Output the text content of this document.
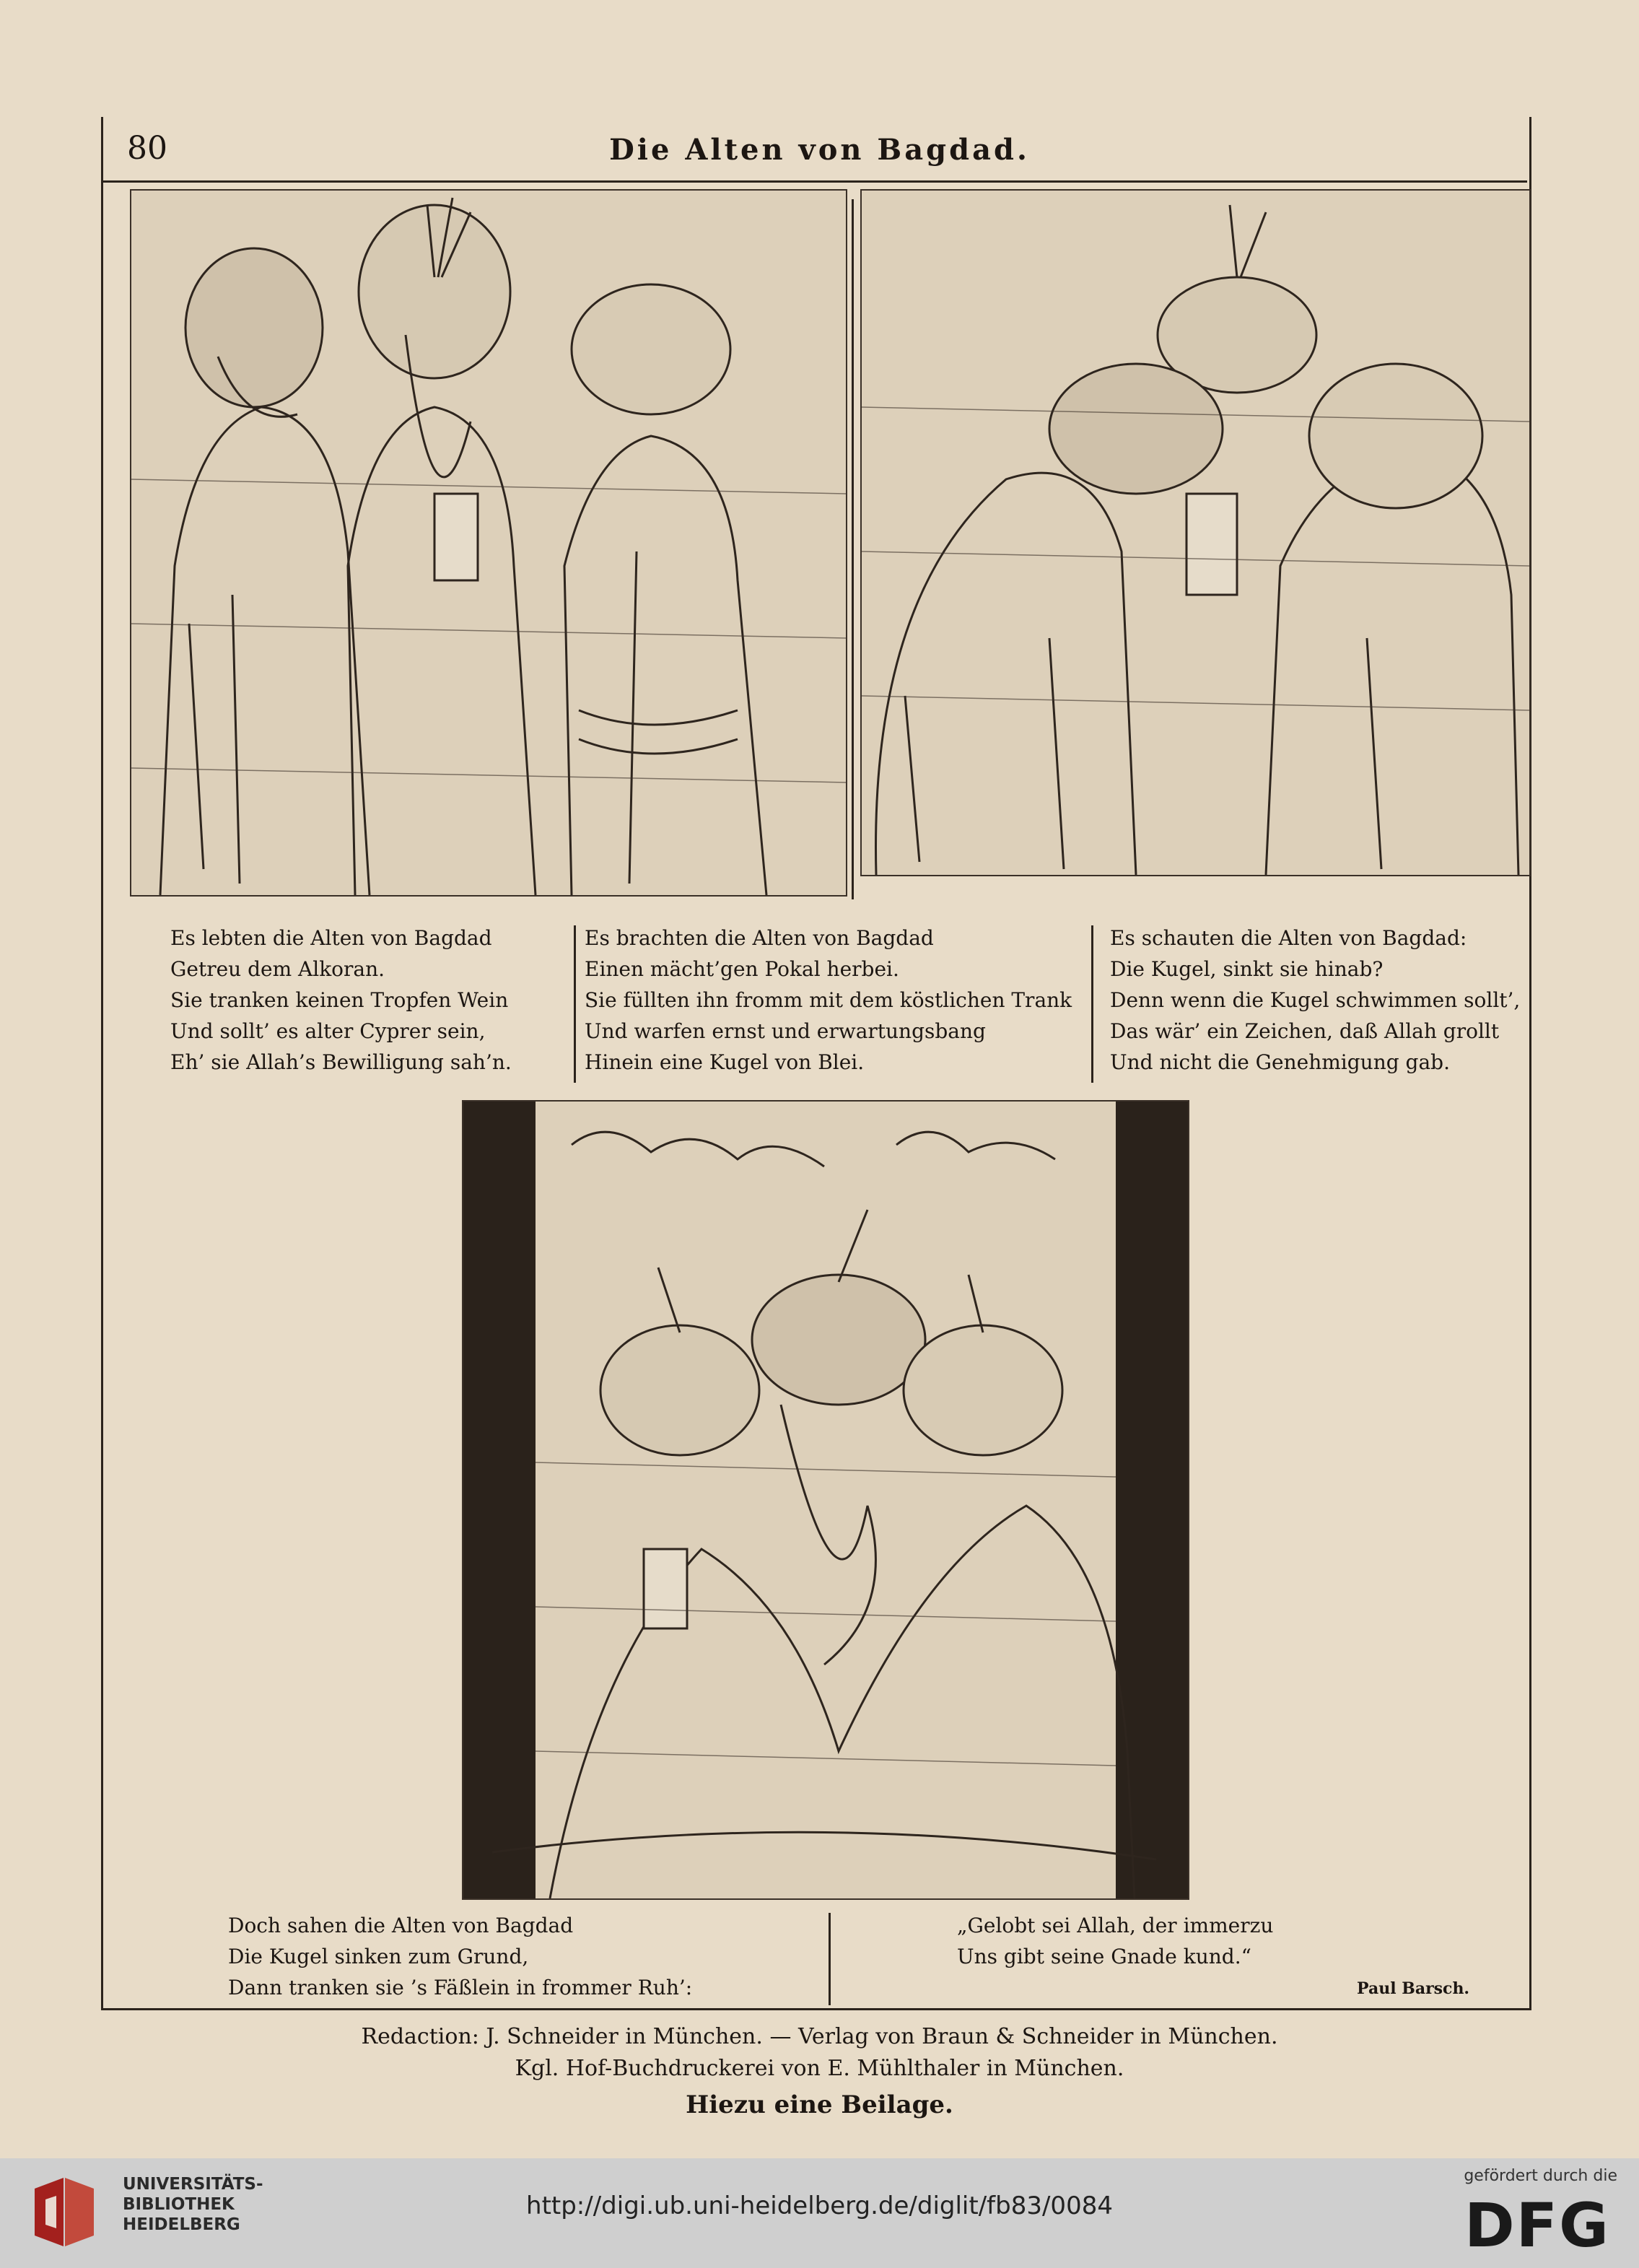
80	Die Alten von Bagdad.
Es lebten die Alten von Bagdad
Getreu dem Alkoran.
Sie tranken keinen Tropfen Wein
Und sollt’ es alter Cyprer sein,
Eh’ sie Allah’s Bewilligung sah’n.
Es brachten die Alten von Bagdad
Einen mächt’gen Pokal herbei.
Sie füllten ihn fromm mit dem köstlichen Trank
Und warfen ernst und erwartungsbang
Hinein eine Kugel von Blei.
Es schauten die Alten von Bagdad:
Die Kugel, sinkt sie hinab?
Denn wenn die Kugel schwimmen sollt’,
Das wär’ ein Zeichen, daß Allah grollt
Und nicht die Genehmigung gab.
Doch sahen die Alten von Bagdad
Die Kugel sinken zum Grund,
Dann tranken sie ’s Fäßlein in frommer Ruh’:
„Gelobt sei Allah, der immerzu
Uns gibt seine Gnade kund.“
Paul Barsch.
Redaction: J. Schneider in München. — Verlag von Braun & Schneider in München.
Kgl. Hof-Buchdruckerei von E. Mühlthaler in München.
Hiezu eine Beilage.
UNIVERSITÄTS-
BIBLIOTHEK
HEIDELBERG
http://digi.ub.uni-heidelberg.de/diglit/fb83/0084
gefördert durch die
DFG
